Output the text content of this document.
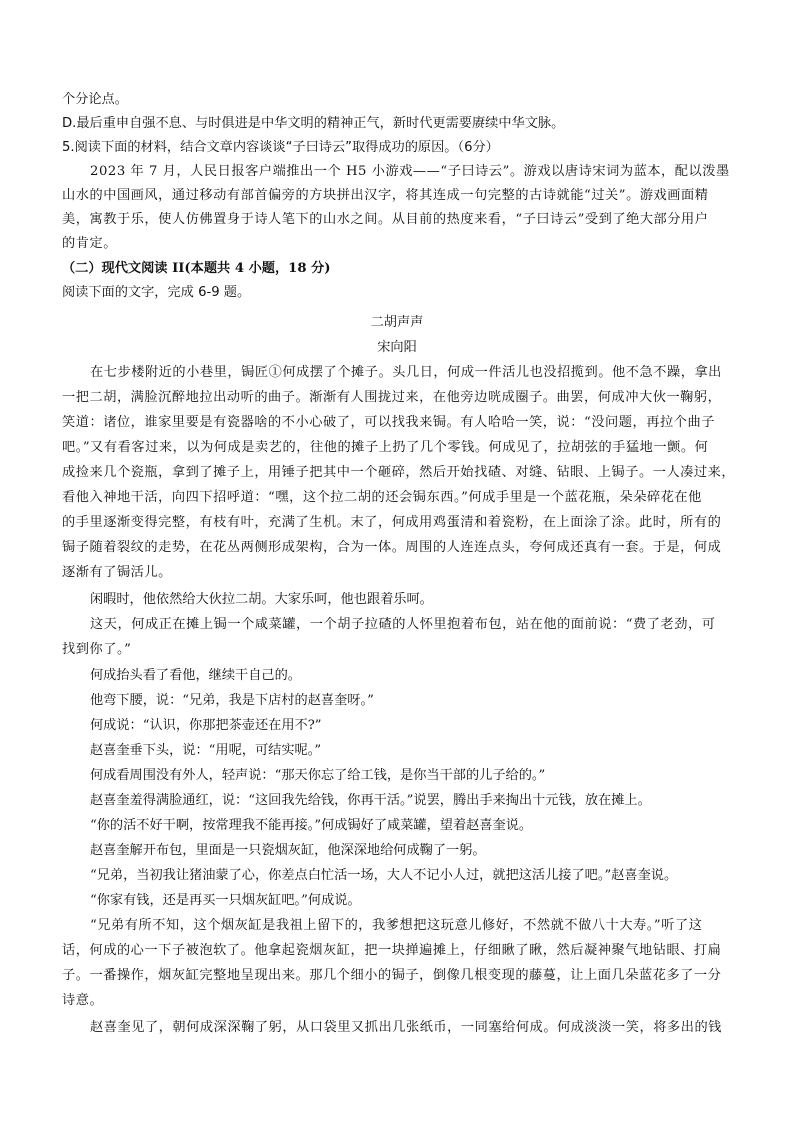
个分论点。
D.最后重申自强不息、与时俱进是中华文明的精神正气，新时代更需要赓续中华文脉。
5.阅读下面的材料，结合文章内容谈谈“子曰诗云”取得成功的原因。（6分）
2023 年 7 月，人民日报客户端推出一个 H5 小游戏——“子曰诗云”。游戏以唐诗宋词为蓝本，配以泼墨
山水的中国画风，通过移动有部首偏旁的方块拼出汉字，将其连成一句完整的古诗就能“过关”。游戏画面精
美，寓教于乐，使人仿佛置身于诗人笔下的山水之间。从目前的热度来看，“子曰诗云”受到了绝大部分用户
的肯定。
（二）现代文阅读 II(本题共 4 小题，18 分)
阅读下面的文字，完成 6-9 题。
二胡声声
宋向阳
在七步楼附近的小巷里，锔匠①何成摆了个摊子。头几日，何成一件活儿也没招揽到。他不急不躁，拿出
一把二胡，满脸沉醉地拉出动听的曲子。渐渐有人围拢过来，在他旁边咣成圈子。曲罢，何成冲大伙一鞠躬，
笑道：诸位，谁家里要是有瓷器啥的不小心破了，可以找我来锔。有人哈哈一笑，说：“没问题，再拉个曲子
吧。”又有看客过来，以为何成是卖艺的，往他的摊子上扔了几个零钱。何成见了，拉胡弦的手猛地一颤。何
成捡来几个瓷瓶，拿到了摊子上，用锤子把其中一个砸碎，然后开始找碴、对缝、钻眼、上锔子。一人凑过来，
看他入神地干活，向四下招呼道：“嘿，这个拉二胡的还会锔东西。”何成手里是一个蓝花瓶，朵朵碎花在他
的手里逐渐变得完整，有枝有叶，充满了生机。末了，何成用鸡蛋清和着瓷粉，在上面涂了涂。此时，所有的
锔子随着裂纹的走势，在花丛两侧形成架构，合为一体。周围的人连连点头，夸何成还真有一套。于是，何成
逐渐有了锔活儿。
闲暇时，他依然给大伙拉二胡。大家乐呵，他也跟着乐呵。
这天，何成正在摊上锔一个咸菜罐，一个胡子拉碴的人怀里抱着布包，站在他的面前说：“费了老劲，可
找到你了。”
何成抬头看了看他，继续干自己的。
他弯下腰，说：“兄弟，我是下店村的赵喜奎呀。”
何成说：“认识，你那把茶壶还在用不?”
赵喜奎垂下头，说：“用呢，可结实呢。”
何成看周围没有外人，轻声说：“那天你忘了给工钱，是你当干部的儿子给的。”
赵喜奎羞得满脸通红，说：“这回我先给钱，你再干活。”说罢，腾出手来掏出十元钱，放在摊上。
“你的活不好干啊，按常理我不能再接。”何成锔好了咸菜罐，望着赵喜奎说。
赵喜奎解开布包，里面是一只瓷烟灰缸，他深深地给何成鞠了一躬。
“兄弟，当初我让猪油蒙了心，你差点白忙活一场，大人不记小人过，就把这活儿接了吧。”赵喜奎说。
“你家有钱，还是再买一只烟灰缸吧。”何成说。
“兄弟有所不知，这个烟灰缸是我祖上留下的，我爹想把这玩意儿修好，不然就不做八十大寿。”听了这
话，何成的心一下子被泡软了。他拿起瓷烟灰缸，把一块掸遍摊上，仔细瞅了瞅，然后凝神聚气地钻眼、打扁
子。一番操作，烟灰缸完整地呈现出来。那几个细小的锔子，倒像几根变现的藤蔓，让上面几朵蓝花多了一分
诗意。
赵喜奎见了，朝何成深深鞠了躬，从口袋里又抓出几张纸币，一同塞给何成。何成淡淡一笑，将多出的钱
